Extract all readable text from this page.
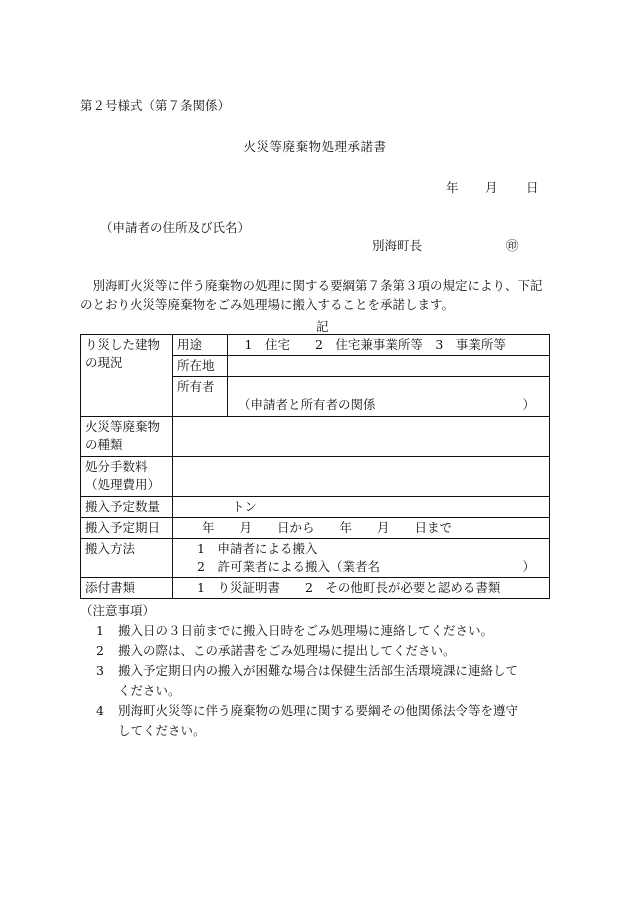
第２号様式（第７条関係）
火災等廃棄物処理承諾書
年 月 日
（申請者の住所及び氏名）
別海町長	㊞
　別海町火災等に伴う廃棄物の処理に関する要綱第７条第３項の規定により、下記のとおり火災等廃棄物をごみ処理場に搬入することを承諾します。
記
り災した建物
の現況	用途	　1　住宅　　2　住宅兼事業所等　3　事業所等
	所在地	
	所有者	（申請者と所有者の関係 ）

火災等廃棄物
の種類		

処分手数料
（処理費用）		

搬入予定数量	トン	
搬入予定期日	年　　月　　日から　　年　　月　　日まで	
搬入方法	1　申請者による搬入
2　許可業者による搬入（業者名 ）	

添付書類	1　り災証明書　　2　その他町長が必要と認める書類	
（注意事項）
1 搬入日の３日前までに搬入日時をごみ処理場に連絡してください。
2 搬入の際は、この承諾書をごみ処理場に提出してください。
3 搬入予定期日内の搬入が困難な場合は保健生活部生活環境課に連絡して
ください。
4 別海町火災等に伴う廃棄物の処理に関する要綱その他関係法令等を遵守
してください。
